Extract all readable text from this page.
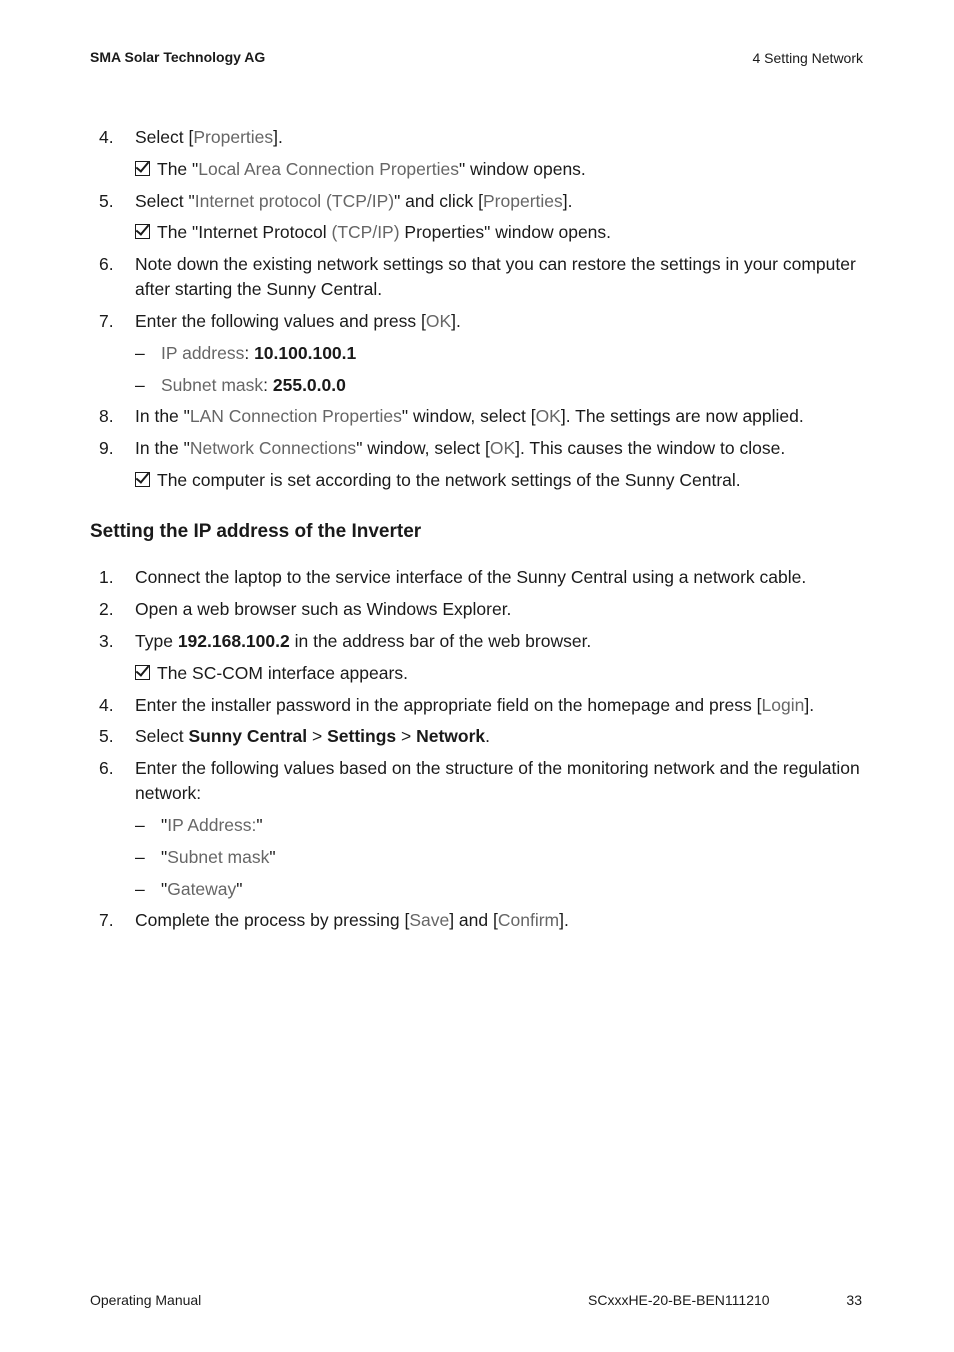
SMA Solar Technology AG	4 Setting Network
4. Select [Properties].
The "Local Area Connection Properties" window opens.
5. Select "Internet protocol (TCP/IP)" and click [Properties].
The "Internet Protocol (TCP/IP) Properties" window opens.
6. Note down the existing network settings so that you can restore the settings in your computer
after starting the Sunny Central.
7. Enter the following values and press [OK].
– IP address: 10.100.100.1
– Subnet mask: 255.0.0.0
8. In the "LAN Connection Properties" window, select [OK]. The settings are now applied.
9. In the "Network Connections" window, select [OK]. This causes the window to close.
The computer is set according to the network settings of the Sunny Central.
Setting the IP address of the Inverter
1. Connect the laptop to the service interface of the Sunny Central using a network cable.
2. Open a web browser such as Windows Explorer.
3. Type 192.168.100.2 in the address bar of the web browser.
The SC-COM interface appears.
4. Enter the installer password in the appropriate field on the homepage and press [Login].
5. Select Sunny Central > Settings > Network.
6. Enter the following values based on the structure of the monitoring network and the regulation
network:
– "IP Address:"
– "Subnet mask"
– "Gateway"
7. Complete the process by pressing [Save] and [Confirm].
Operating Manual	SCxxxHE-20-BE-BEN111210	33
